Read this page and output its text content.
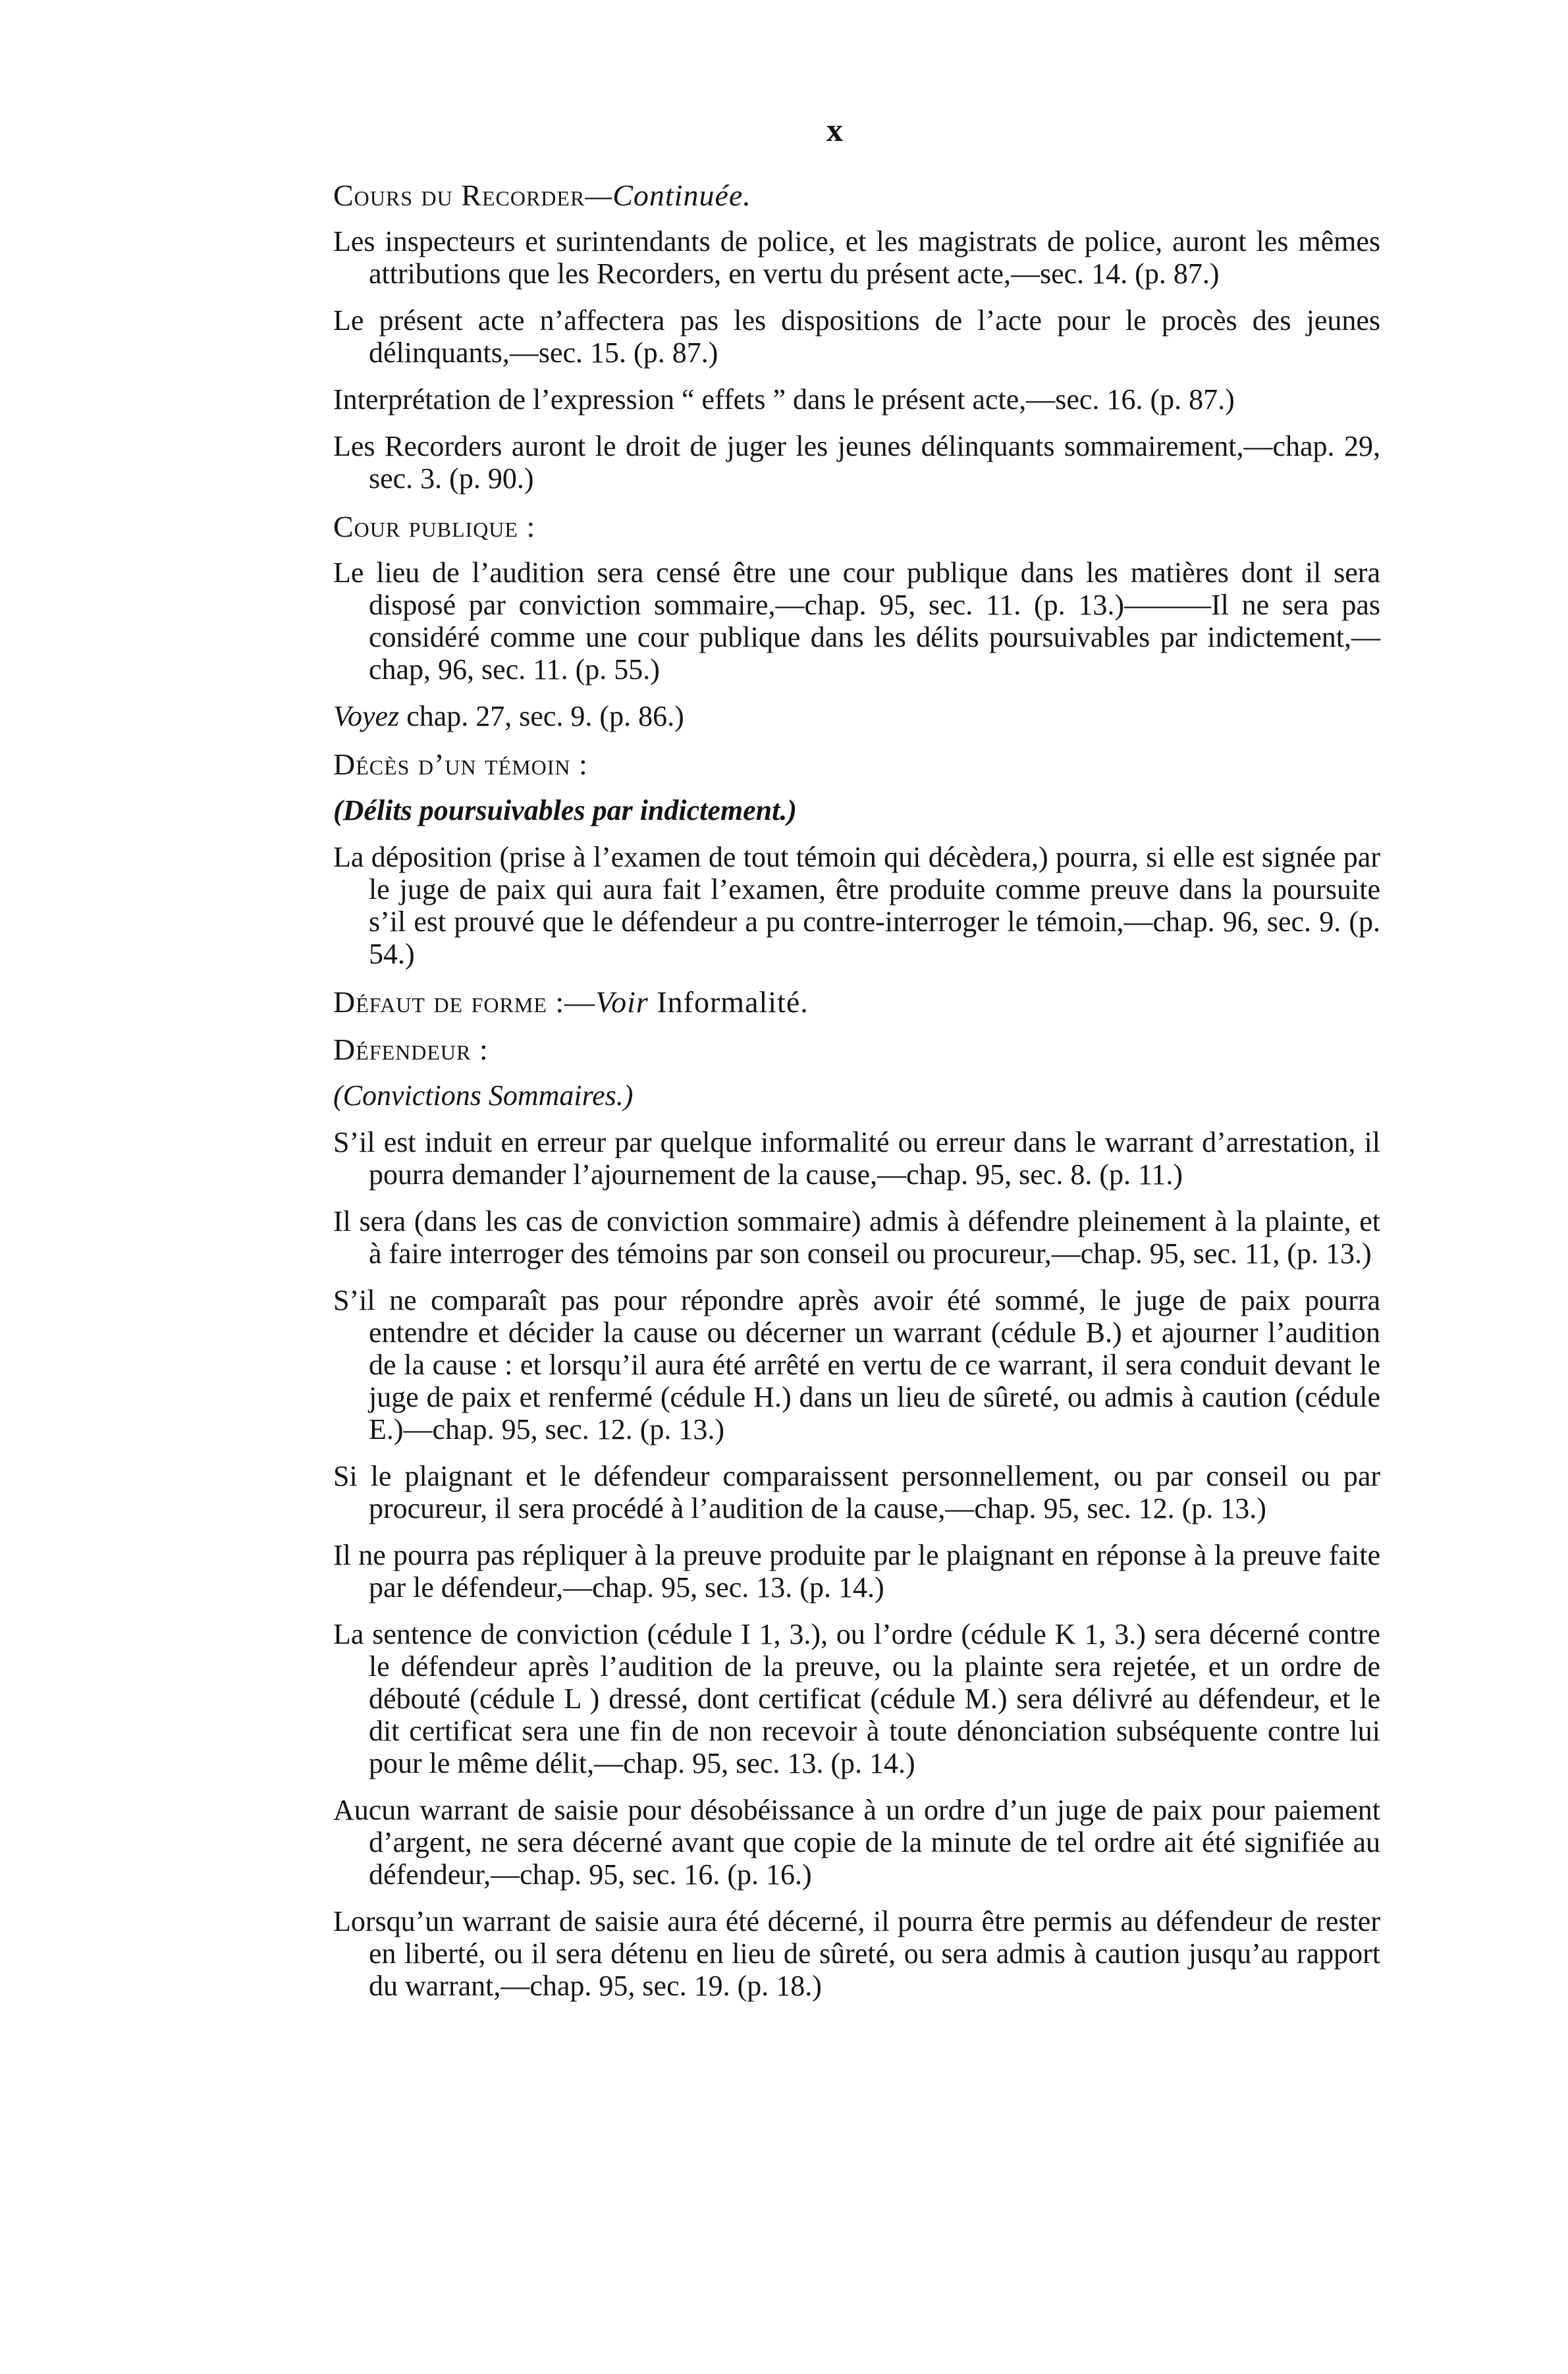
x
Cours du Recorder—Continuée.

Les inspecteurs et surintendants de police, et les magistrats de police, auront les mêmes attributions que les Recorders, en vertu du présent acte,—sec. 14. (p. 87.)

Le présent acte n’affectera pas les dispositions de l’acte pour le procès des jeunes délinquants,—sec. 15. (p. 87.)

Interprétation de l’expression “ effets ” dans le présent acte,—sec. 16. (p. 87.)

Les Recorders auront le droit de juger les jeunes délinquants sommairement,—chap. 29, sec. 3. (p. 90.)

Cour publique :

Le lieu de l’audition sera censé être une cour publique dans les matières dont il sera disposé par conviction sommaire,—chap. 95, sec. 11. (p. 13.)———Il ne sera pas considéré comme une cour publique dans les délits poursuivables par indictement,—chap, 96, sec. 11. (p. 55.)

Voyez chap. 27, sec. 9. (p. 86.)

Décès d’un témoin :

(Délits poursuivables par indictement.)

La déposition (prise à l’examen de tout témoin qui décèdera,) pourra, si elle est signée par le juge de paix qui aura fait l’examen, être produite comme preuve dans la poursuite s’il est prouvé que le défendeur a pu contre-interroger le témoin,—chap. 96, sec. 9. (p. 54.)

Défaut de forme :—Voir Informalité.
Défendeur :

(Convictions Sommaires.)

S’il est induit en erreur par quelque informalité ou erreur dans le warrant d’arrestation, il pourra demander l’ajournement de la cause,—chap. 95, sec. 8. (p. 11.)

Il sera (dans les cas de conviction sommaire) admis à défendre pleinement à la plainte, et à faire interroger des témoins par son conseil ou procureur,—chap. 95, sec. 11, (p. 13.)

S’il ne comparaît pas pour répondre après avoir été sommé, le juge de paix pourra entendre et décider la cause ou décerner un warrant (cédule B.) et ajourner l’audition de la cause : et lorsqu’il aura été arrêté en vertu de ce warrant, il sera conduit devant le juge de paix et renfermé (cédule H.) dans un lieu de sûreté, ou admis à caution (cédule E.)—chap. 95, sec. 12. (p. 13.)

Si le plaignant et le défendeur comparaissent personnellement, ou par conseil ou par procureur, il sera procédé à l’audition de la cause,—chap. 95, sec. 12. (p. 13.)

Il ne pourra pas répliquer à la preuve produite par le plaignant en réponse à la preuve faite par le défendeur,—chap. 95, sec. 13. (p. 14.)

La sentence de conviction (cédule I 1, 3.), ou l’ordre (cédule K 1, 3.) sera décerné contre le défendeur après l’audition de la preuve, ou la plainte sera rejetée, et un ordre de débouté (cédule L ) dressé, dont certificat (cédule M.) sera délivré au défendeur, et le dit certificat sera une fin de non recevoir à toute dénonciation subséquente contre lui pour le même délit,—chap. 95, sec. 13. (p. 14.)

Aucun warrant de saisie pour désobéissance à un ordre d’un juge de paix pour paiement d’argent, ne sera décerné avant que copie de la minute de tel ordre ait été signifiée au défendeur,—chap. 95, sec. 16. (p. 16.)

Lorsqu’un warrant de saisie aura été décerné, il pourra être permis au défendeur de rester en liberté, ou il sera détenu en lieu de sûreté, ou sera admis à caution jusqu’au rapport du warrant,—chap. 95, sec. 19. (p. 18.)
